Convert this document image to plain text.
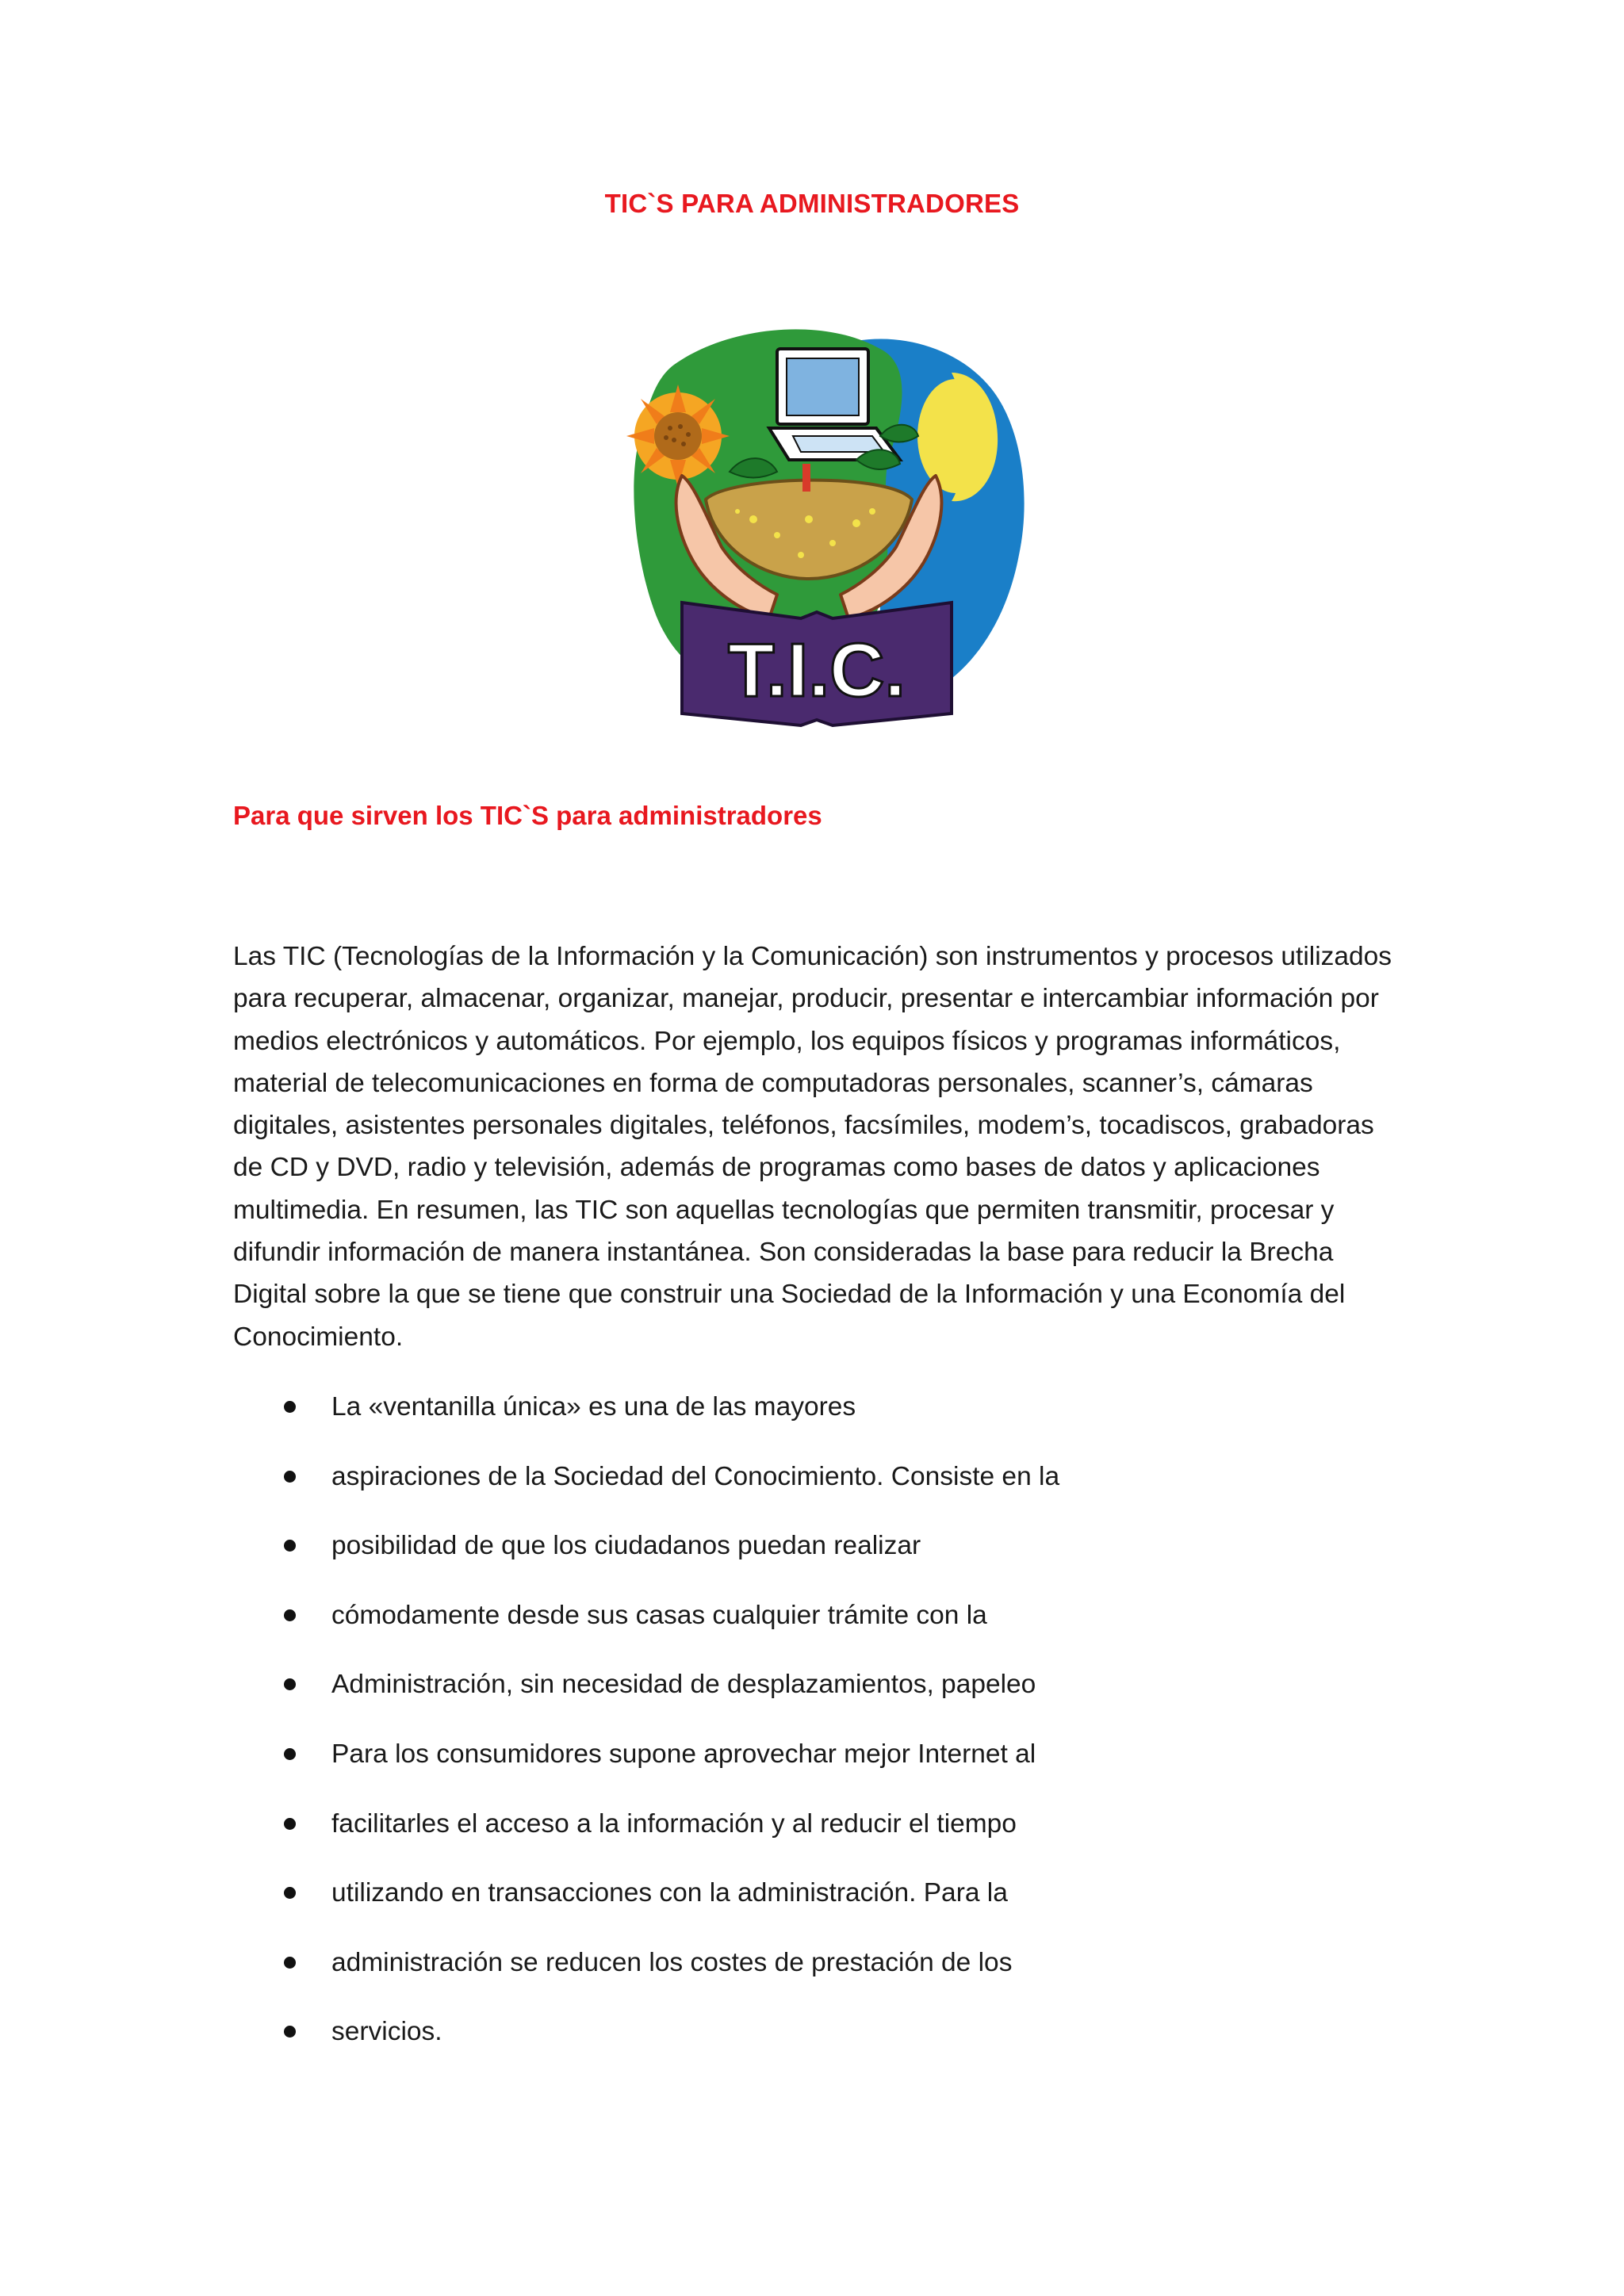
TIC`S PARA ADMINISTRADORES
T.I.C.
Para que sirven los TIC`S para administradores

Las TIC (Tecnologías de la Información y la Comunicación) son instrumentos y procesos utilizados para recuperar, almacenar, organizar, manejar, producir, presentar e intercambiar información por medios electrónicos y automáticos. Por ejemplo, los equipos físicos y programas informáticos, material de telecomunicaciones en forma de computadoras personales, scanner’s, cámaras digitales, asistentes personales digitales, teléfonos, facsímiles, modem’s, tocadiscos, grabadoras de CD y DVD, radio y televisión, además de programas como bases de datos y aplicaciones multimedia. En resumen, las TIC son aquellas tecnologías que permiten transmitir, procesar y difundir información de manera instantánea. Son consideradas la base para reducir la Brecha Digital sobre la que se tiene que construir una Sociedad de la Información y una Economía del Conocimiento.

La «ventanilla única» es una de las mayores
aspiraciones de la Sociedad del Conocimiento. Consiste en la
posibilidad de que los ciudadanos puedan realizar
cómodamente desde sus casas cualquier trámite con la
Administración, sin necesidad de desplazamientos, papeleo
Para los consumidores supone aprovechar mejor Internet al
facilitarles el acceso a la información y al reducir el tiempo
utilizando en transacciones con la administración. Para la
administración se reducen los costes de prestación de los
servicios.
